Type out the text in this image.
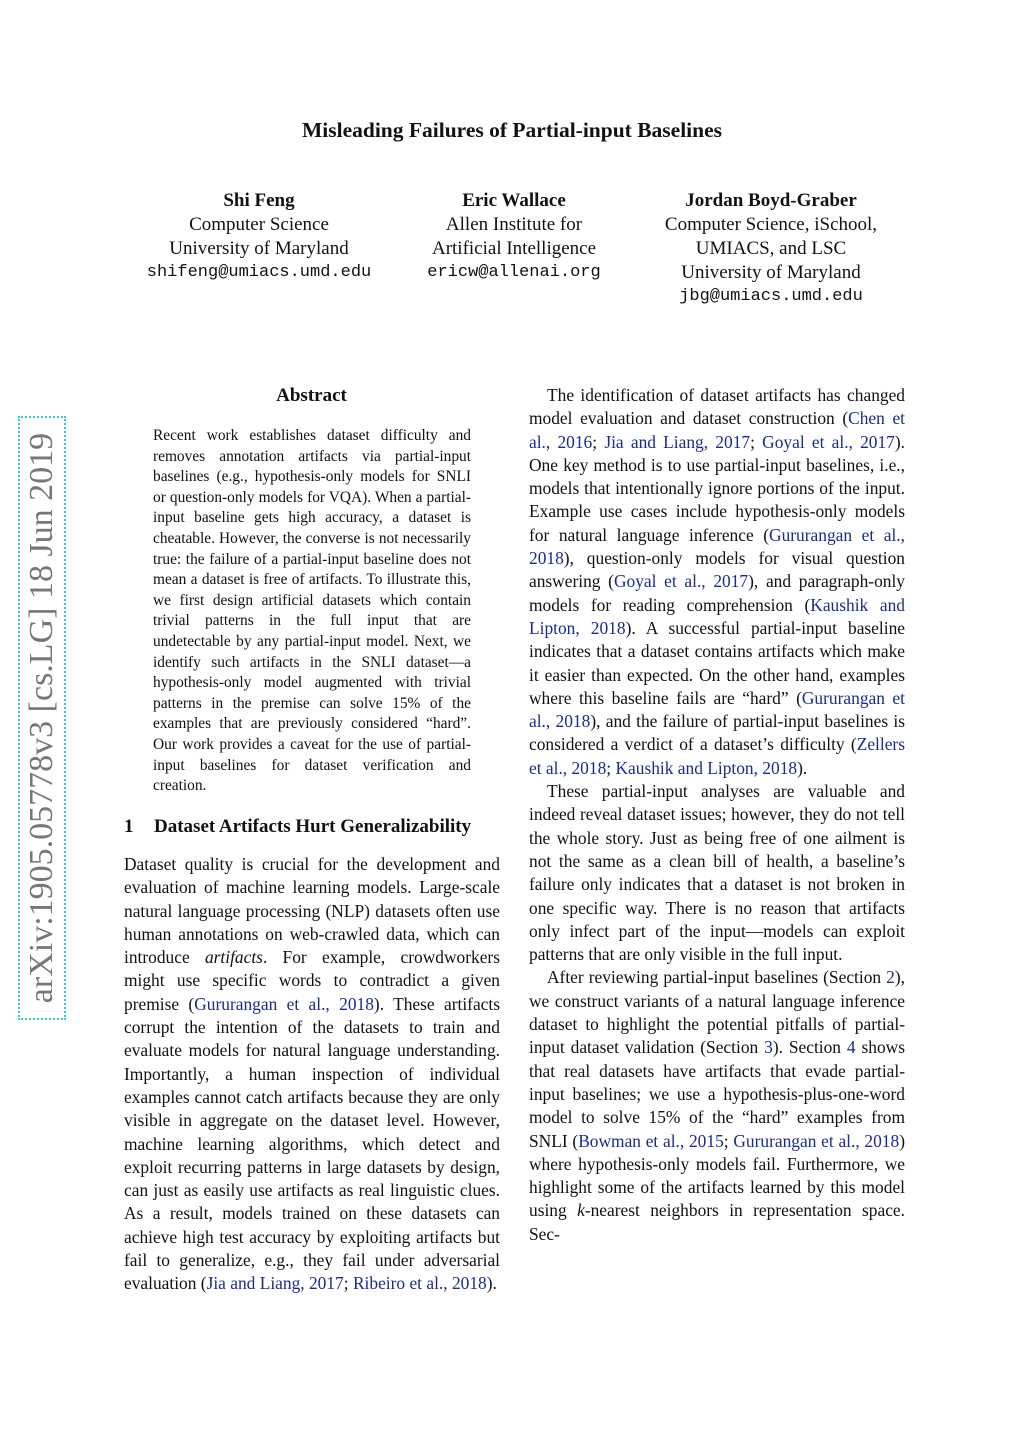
Misleading Failures of Partial-input Baselines
Shi Feng
Computer Science
University of Maryland
shifeng@umiacs.umd.edu
Eric Wallace
Allen Institute for
Artificial Intelligence
ericw@allenai.org
Jordan Boyd-Graber
Computer Science, iSchool,
UMIACS, and LSC
University of Maryland
jbg@umiacs.umd.edu
arXiv:1905.05778v3 [cs.LG] 18 Jun 2019
Abstract
Recent work establishes dataset difficulty and removes annotation artifacts via partial-input baselines (e.g., hypothesis-only models for SNLI or question-only models for VQA). When a partial-input baseline gets high accuracy, a dataset is cheatable. However, the converse is not necessarily true: the failure of a partial-input baseline does not mean a dataset is free of artifacts. To illustrate this, we first design artificial datasets which contain trivial patterns in the full input that are undetectable by any partial-input model. Next, we identify such artifacts in the SNLI dataset—a hypothesis-only model augmented with trivial patterns in the premise can solve 15% of the examples that are previously considered “hard”. Our work provides a caveat for the use of partial-input baselines for dataset verification and creation.
1 Dataset Artifacts Hurt Generalizability

Dataset quality is crucial for the development and evaluation of machine learning models. Large-scale natural language processing (NLP) datasets often use human annotations on web-crawled data, which can introduce artifacts. For example, crowdworkers might use specific words to contradict a given premise (Gururangan et al., 2018). These artifacts corrupt the intention of the datasets to train and evaluate models for natural language understanding. Importantly, a human inspection of individual examples cannot catch artifacts because they are only visible in aggregate on the dataset level. However, machine learning algorithms, which detect and exploit recurring patterns in large datasets by design, can just as easily use artifacts as real linguistic clues. As a result, models trained on these datasets can achieve high test accuracy by exploiting artifacts but fail to generalize, e.g., they fail under adversarial evaluation (Jia and Liang, 2017; Ribeiro et al., 2018).

The identification of dataset artifacts has changed model evaluation and dataset construction (Chen et al., 2016; Jia and Liang, 2017; Goyal et al., 2017). One key method is to use partial-input baselines, i.e., models that intentionally ignore portions of the input. Example use cases include hypothesis-only models for natural language inference (Gururangan et al., 2018), question-only models for visual question answering (Goyal et al., 2017), and paragraph-only models for reading comprehension (Kaushik and Lipton, 2018). A successful partial-input baseline indicates that a dataset contains artifacts which make it easier than expected. On the other hand, examples where this baseline fails are “hard” (Gururangan et al., 2018), and the failure of partial-input baselines is considered a verdict of a dataset’s difficulty (Zellers et al., 2018; Kaushik and Lipton, 2018).

These partial-input analyses are valuable and indeed reveal dataset issues; however, they do not tell the whole story. Just as being free of one ailment is not the same as a clean bill of health, a baseline’s failure only indicates that a dataset is not broken in one specific way. There is no reason that artifacts only infect part of the input—models can exploit patterns that are only visible in the full input.

After reviewing partial-input baselines (Section 2), we construct variants of a natural language inference dataset to highlight the potential pitfalls of partial-input dataset validation (Section 3). Section 4 shows that real datasets have artifacts that evade partial-input baselines; we use a hypothesis-plus-one-word model to solve 15% of the “hard” examples from SNLI (Bowman et al., 2015; Gururangan et al., 2018) where hypothesis-only models fail. Furthermore, we highlight some of the artifacts learned by this model using k-nearest neighbors in representation space. Sec-
